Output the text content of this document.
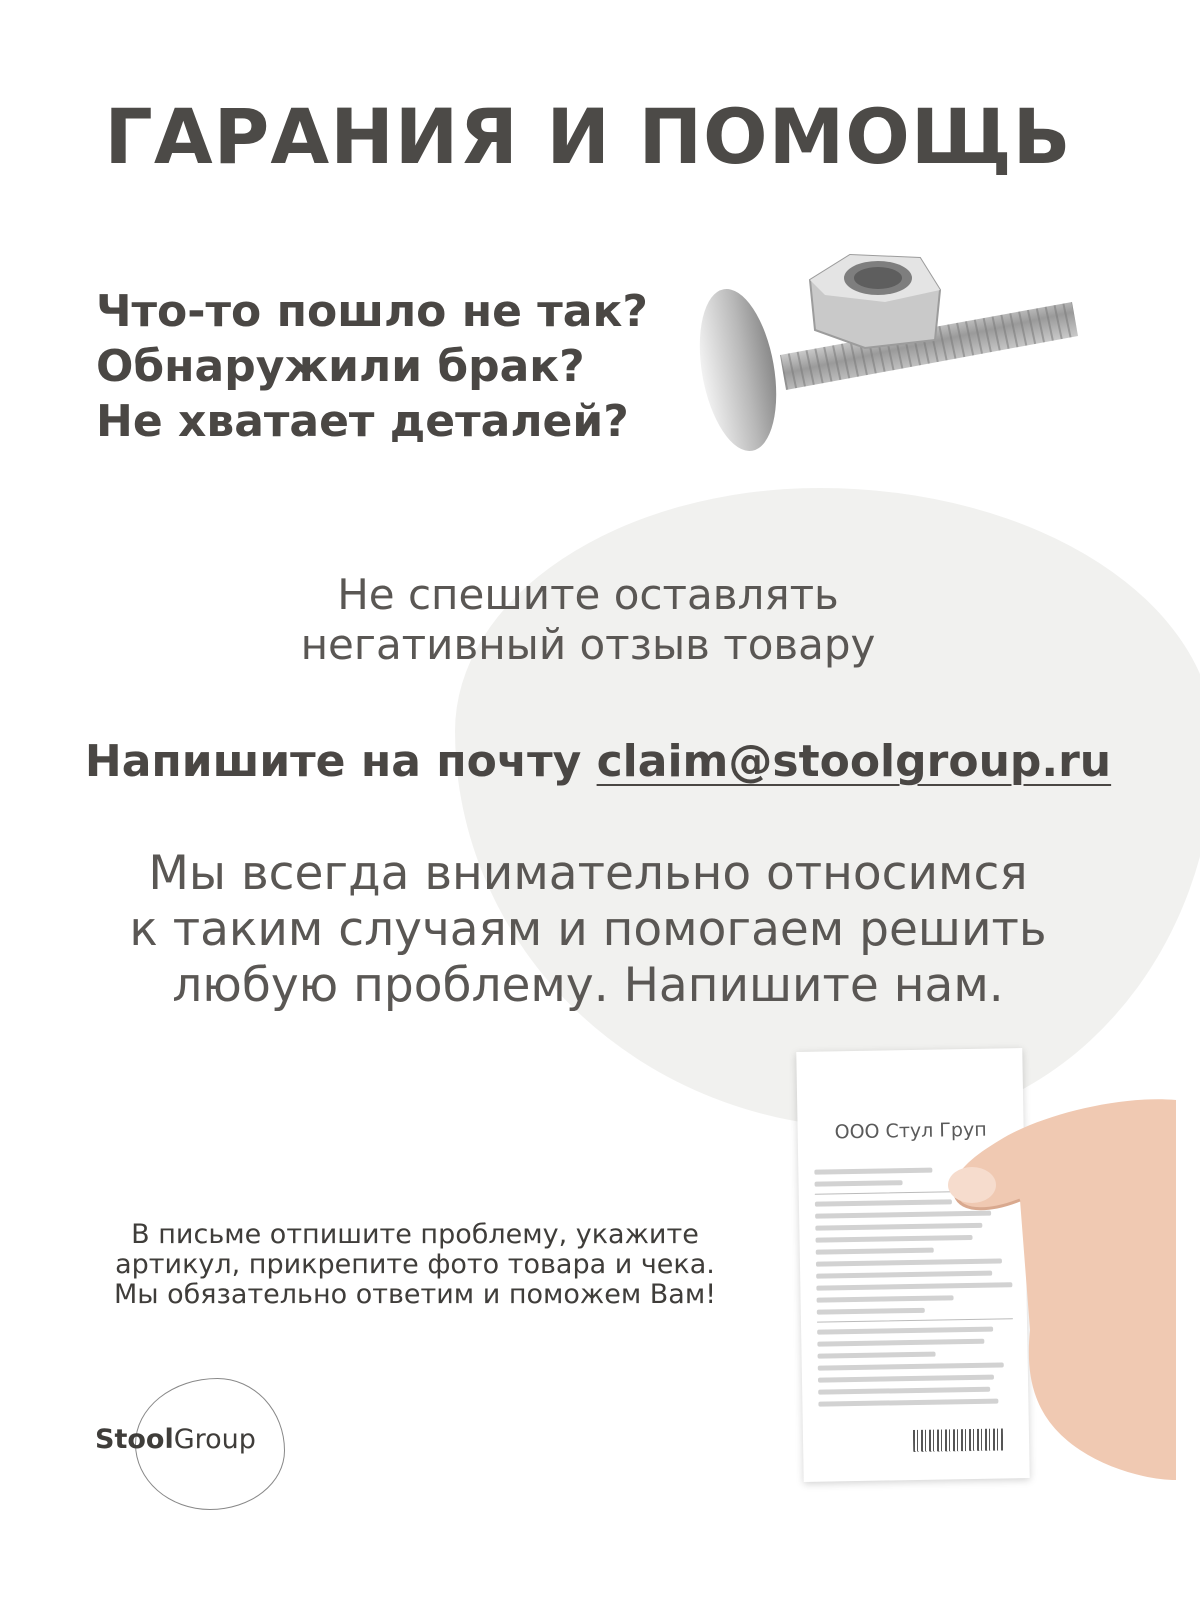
ГАРАНИЯ И ПОМОЩЬ
Что-то пошло не так?
Обнаружили брак?
Не хватает деталей?
Не спешите оставлять
негативный отзыв товару
Напишите на почту claim@stoolgroup.ru
Мы всегда внимательно относимся
к таким случаям и помогаем решить
любую проблему. Напишите нам.
В письме отпишите проблему, укажите
артикул, прикрепите фото товара и чека.
Мы обязательно ответим и поможем Вам!
StoolGroup
ООО Стул Груп
